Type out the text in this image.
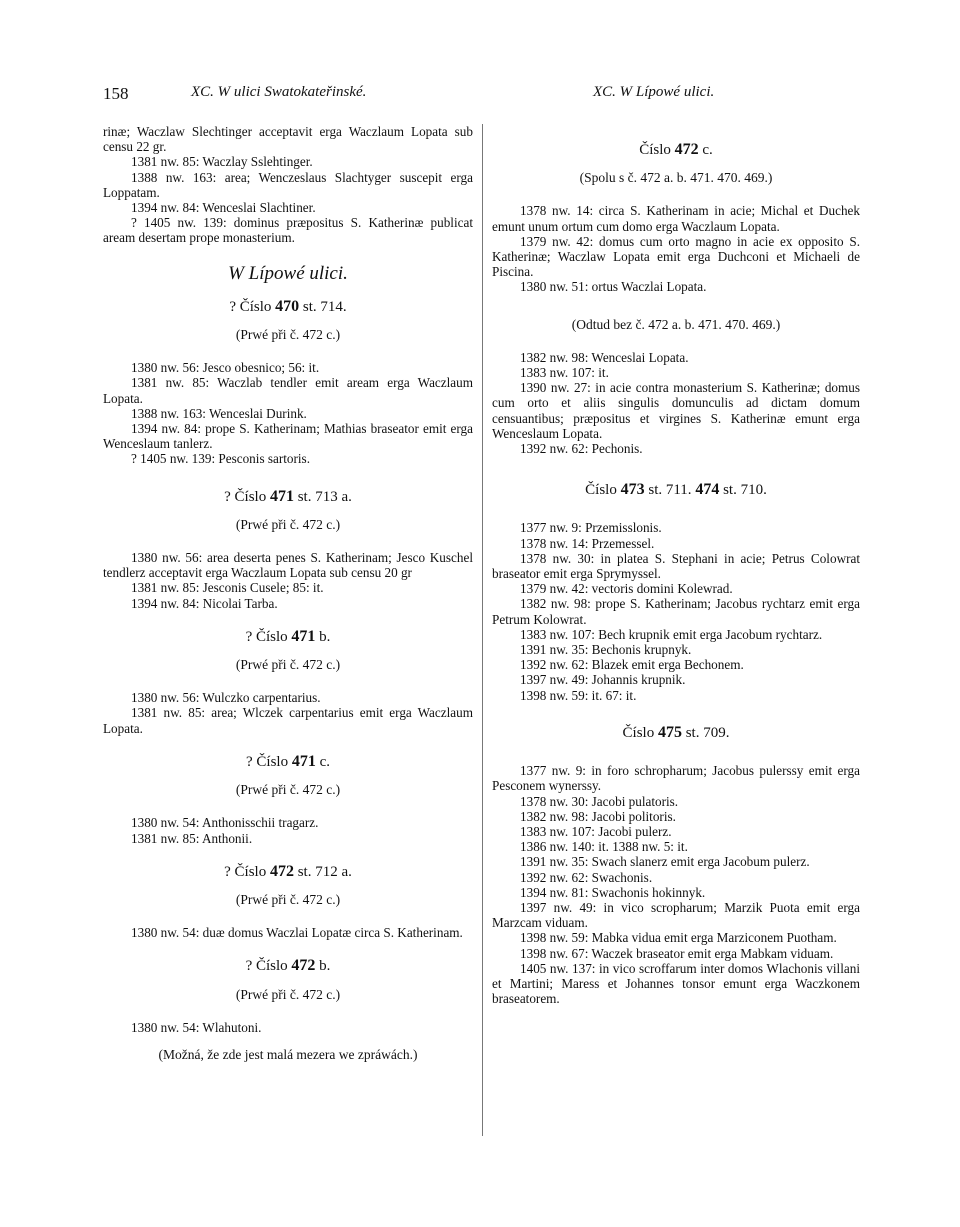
158	XC. W ulici Swatokateřinské.	XC. W Lípowé ulici.

rinæ; Waczlaw Slechtinger acceptavit erga Waczlaum Lopata sub censu 22 gr.

1381 nw. 85: Waczlay Sslehtinger.

1388 nw. 163: area; Wenczeslaus Slachtyger suscepit erga Loppatam.

1394 nw. 84: Wenceslai Slachtiner.

? 1405 nw. 139: dominus præpositus S. Katherinæ publicat aream desertam prope monasterium.

W Lípowé ulici.
? Číslo 470 st. 714.
(Prwé při č. 472 c.)

1380 nw. 56: Jesco obesnico; 56: it.

1381 nw. 85: Waczlab tendler emit aream erga Waczlaum Lopata.

1388 nw. 163: Wenceslai Durink.

1394 nw. 84: prope S. Katherinam; Mathias braseator emit erga Wenceslaum tanlerz.

? 1405 nw. 139: Pesconis sartoris.

? Číslo 471 st. 713 a.
(Prwé při č. 472 c.)

1380 nw. 56: area deserta penes S. Katherinam; Jesco Kuschel tendlerz acceptavit erga Waczlaum Lopata sub censu 20 gr

1381 nw. 85: Jesconis Cusele; 85: it.

1394 nw. 84: Nicolai Tarba.

? Číslo 471 b.
(Prwé při č. 472 c.)

1380 nw. 56: Wulczko carpentarius.

1381 nw. 85: area; Wlczek carpentarius emit erga Waczlaum Lopata.

? Číslo 471 c.
(Prwé při č. 472 c.)

1380 nw. 54: Anthonisschii tragarz.

1381 nw. 85: Anthonii.

? Číslo 472 st. 712 a.
(Prwé při č. 472 c.)

1380 nw. 54: duæ domus Waczlai Lopatæ circa S. Katherinam.

? Číslo 472 b.
(Prwé při č. 472 c.)

1380 nw. 54: Wlahutoni.

(Možná, že zde jest malá mezera we zpráwách.)
Číslo 472 c.
(Spolu s č. 472 a. b. 471. 470. 469.)

1378 nw. 14: circa S. Katherinam in acie; Michal et Duchek emunt unum ortum cum domo erga Waczlaum Lopata.

1379 nw. 42: domus cum orto magno in acie ex opposito S. Katherinæ; Waczlaw Lopata emit erga Duchconi et Michaeli de Piscina.

1380 nw. 51: ortus Waczlai Lopata.

(Odtud bez č. 472 a. b. 471. 470. 469.)

1382 nw. 98: Wenceslai Lopata.

1383 nw. 107: it.

1390 nw. 27: in acie contra monasterium S. Katherinæ; domus cum orto et aliis singulis domunculis ad dictam domum censuantibus; præpositus et virgines S. Katherinæ emunt erga Wenceslaum Lopata.

1392 nw. 62: Pechonis.

Číslo 473 st. 711. 474 st. 710.

1377 nw. 9: Przemisslonis.

1378 nw. 14: Przemessel.

1378 nw. 30: in platea S. Stephani in acie; Petrus Colowrat braseator emit erga Sprymyssel.

1379 nw. 42: vectoris domini Kolewrad.

1382 nw. 98: prope S. Katherinam; Jacobus rychtarz emit erga Petrum Kolowrat.

1383 nw. 107: Bech krupnik emit erga Jacobum rychtarz.

1391 nw. 35: Bechonis krupnyk.

1392 nw. 62: Blazek emit erga Bechonem.

1397 nw. 49: Johannis krupnik.

1398 nw. 59: it. 67: it.

Číslo 475 st. 709.

1377 nw. 9: in foro schropharum; Jacobus pulerssy emit erga Pesconem wynerssy.

1378 nw. 30: Jacobi pulatoris.

1382 nw. 98: Jacobi politoris.

1383 nw. 107: Jacobi pulerz.

1386 nw. 140: it. 1388 nw. 5: it.

1391 nw. 35: Swach slanerz emit erga Jacobum pulerz.

1392 nw. 62: Swachonis.

1394 nw. 81: Swachonis hokinnyk.

1397 nw. 49: in vico scropharum; Marzik Puota emit erga Marzcam viduam.

1398 nw. 59: Mabka vidua emit erga Marziconem Puotham.

1398 nw. 67: Waczek braseator emit erga Mabkam viduam.

1405 nw. 137: in vico scroffarum inter domos Wlachonis villani et Martini; Maress et Johannes tonsor emunt erga Waczkonem braseatorem.
